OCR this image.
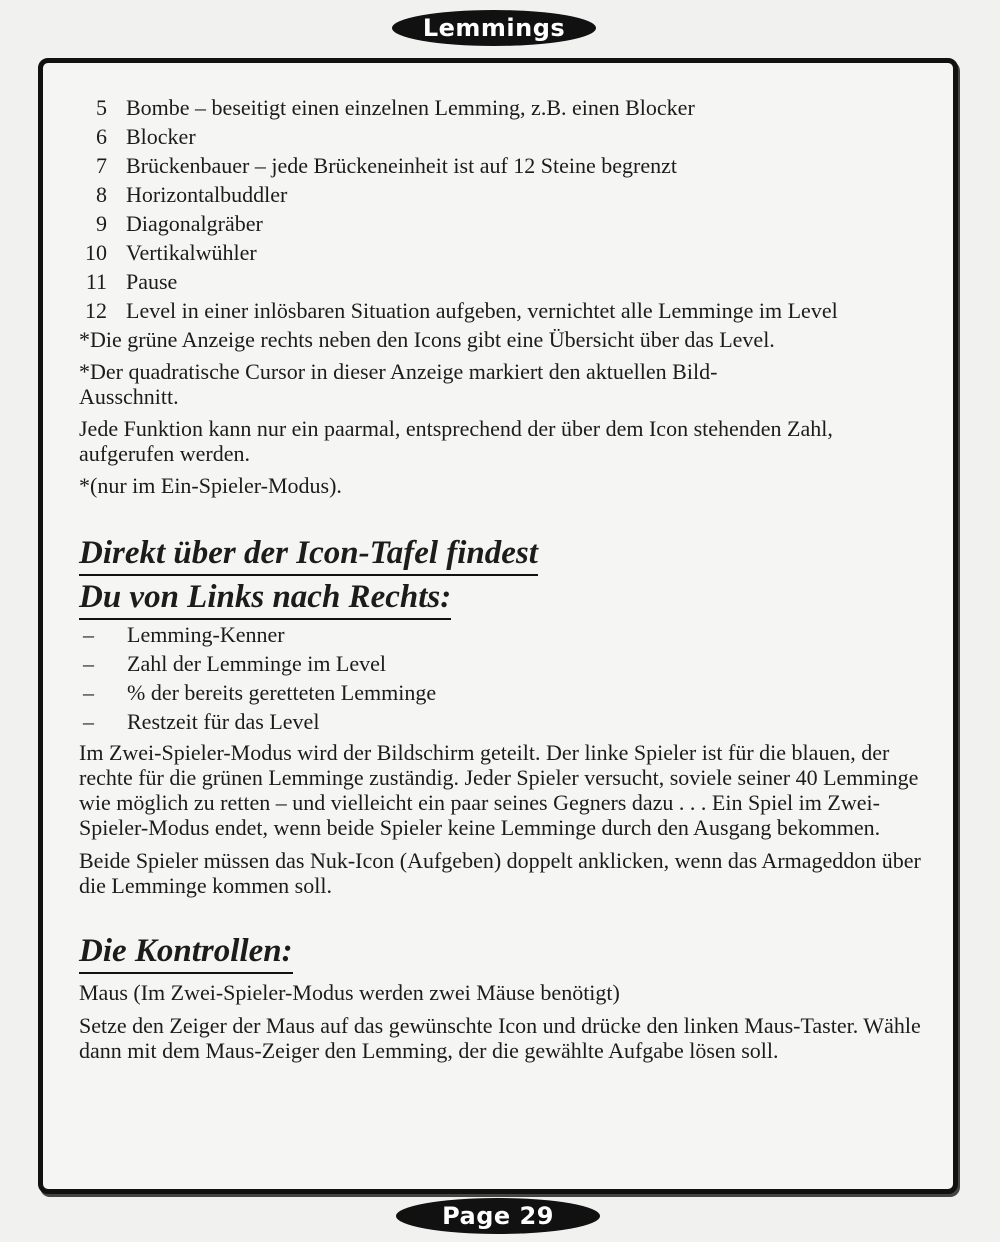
Lemmings
5 Bombe – beseitigt einen einzelnen Lemming, z.B. einen Blocker
6 Blocker
7 Brückenbauer – jede Brückeneinheit ist auf 12 Steine begrenzt
8 Horizontalbuddler
9 Diagonalgräber
10 Vertikalwühler
11 Pause
12 Level in einer inlösbaren Situation aufgeben, vernichtet alle Lemminge im Level
*Die grüne Anzeige rechts neben den Icons gibt eine Übersicht über das Level.
*Der quadratische Cursor in dieser Anzeige markiert den aktuellen Bild-Ausschnitt.
Jede Funktion kann nur ein paarmal, entsprechend der über dem Icon stehenden Zahl, aufgerufen werden.
*(nur im Ein-Spieler-Modus).
Direkt über der Icon-Tafel findest
Du von Links nach Rechts:
–	Lemming-Kenner
–	Zahl der Lemminge im Level
–	% der bereits geretteten Lemminge
–	Restzeit für das Level
Im Zwei-Spieler-Modus wird der Bildschirm geteilt. Der linke Spieler ist für die blauen, der rechte für die grünen Lemminge zuständig. Jeder Spieler versucht, soviele seiner 40 Lemminge wie möglich zu retten – und vielleicht ein paar seines Gegners dazu . . . Ein Spiel im Zwei-Spieler-Modus endet, wenn beide Spieler keine Lemminge durch den Ausgang bekommen.
Beide Spieler müssen das Nuk-Icon (Aufgeben) doppelt anklicken, wenn das Armageddon über die Lemminge kommen soll.
Die Kontrollen:
Maus (Im Zwei-Spieler-Modus werden zwei Mäuse benötigt)
Setze den Zeiger der Maus auf das gewünschte Icon und drücke den linken Maus-Taster. Wähle dann mit dem Maus-Zeiger den Lemming, der die gewählte Aufgabe lösen soll.
Page 29
